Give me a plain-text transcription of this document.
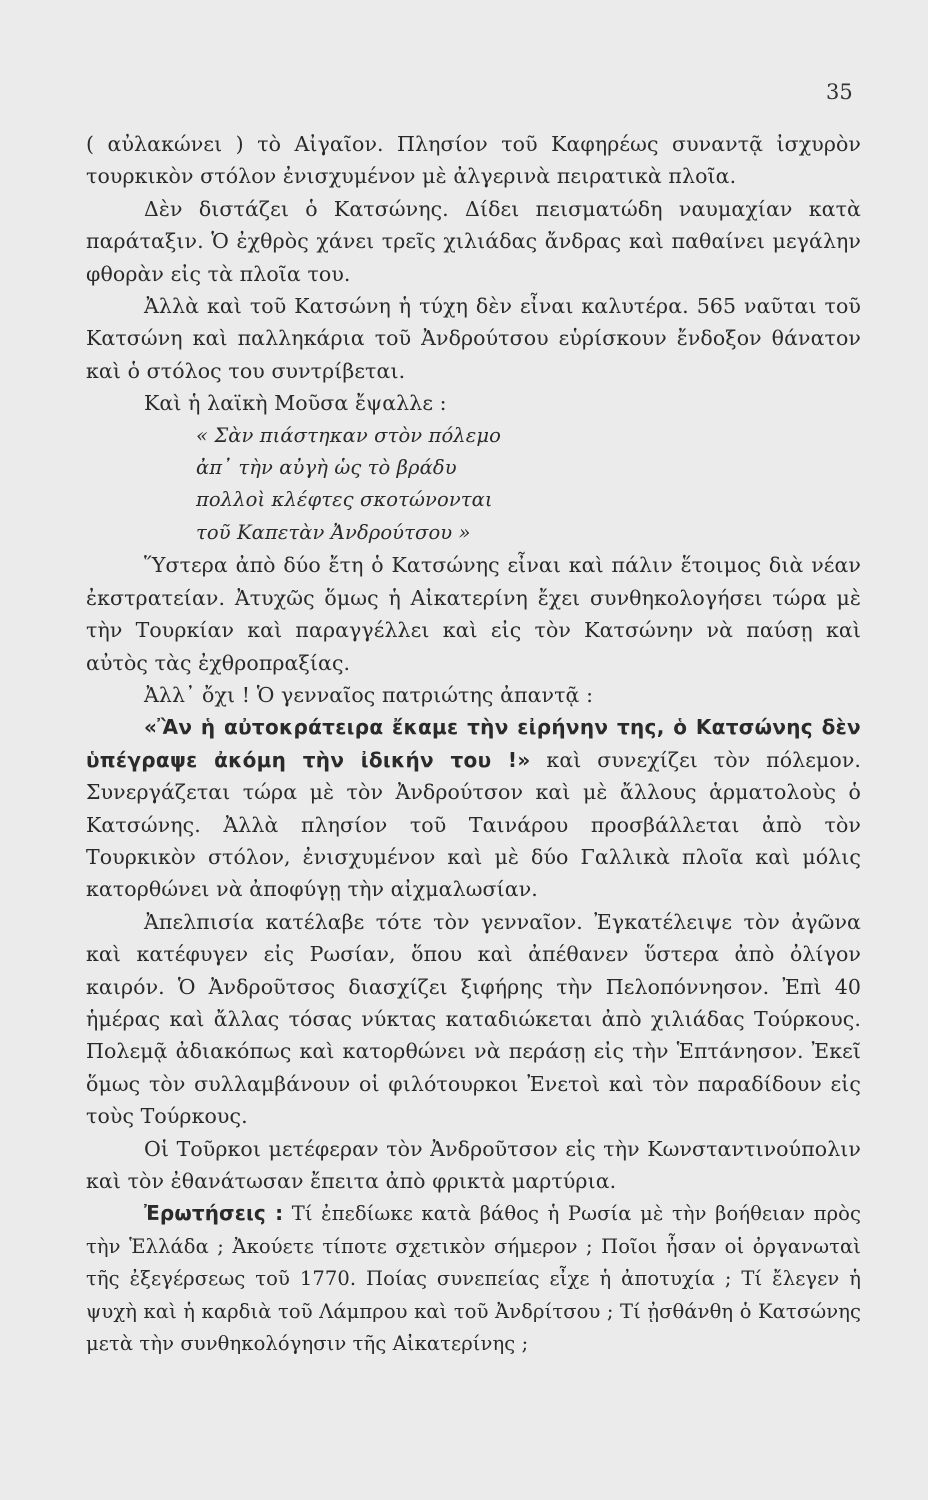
35

( αὐλακώνει ) τὸ Αἰγαῖον. Πλησίον τοῦ Καφηρέως συναντᾷ ἰσχυρὸν τουρκικὸν στόλον ἐνισχυμένον μὲ ἀλγερινὰ πειρατικὰ πλοῖα.

Δὲν διστάζει ὁ Κατσώνης. Δίδει πεισματώδη ναυμαχίαν κατὰ παράταξιν. Ὁ ἐχθρὸς χάνει τρεῖς χιλιάδας ἄνδρας καὶ παθαίνει μεγάλην φθορὰν εἰς τὰ πλοῖα του.

Ἀλλὰ καὶ τοῦ Κατσώνη ἡ τύχη δὲν εἶναι καλυτέρα. 565 ναῦται τοῦ Κατσώνη καὶ παλληκάρια τοῦ Ἀνδρούτσου εὑρίσκουν ἔνδοξον θάνατον καὶ ὁ στόλος του συντρίβεται.

Καὶ ἡ λαϊκὴ Μοῦσα ἔψαλλε :

« Σὰν πιάστηκαν στὸν πόλεμο
ἀπ᾿ τὴν αὐγὴ ὡς τὸ βράδυ
πολλοὶ κλέφτες σκοτώνονται
τοῦ Καπετὰν Ἀνδρούτσου »

Ὕστερα ἀπὸ δύο ἔτη ὁ Κατσώνης εἶναι καὶ πάλιν ἕτοιμος διὰ νέαν ἐκστρατείαν. Ἀτυχῶς ὅμως ἡ Αἰκατερίνη ἔχει συνθηκολογήσει τώρα μὲ τὴν Τουρκίαν καὶ παραγγέλλει καὶ εἰς τὸν Κατσώνην νὰ παύσῃ καὶ αὐτὸς τὰς ἐχθροπραξίας.

Ἀλλ᾿ ὄχι ! Ὁ γενναῖος πατριώτης ἀπαντᾷ :

«Ἂν ἡ αὐτοκράτειρα ἔκαμε τὴν εἰρήνην της, ὁ Κατσώνης δὲν ὑπέγραψε ἀκόμη τὴν ἰδικήν του !» καὶ συνεχίζει τὸν πόλεμον. Συνεργάζεται τώρα μὲ τὸν Ἀνδρούτσον καὶ μὲ ἄλλους ἁρματολοὺς ὁ Κατσώνης. Ἀλλὰ πλησίον τοῦ Ταινάρου προσβάλλεται ἀπὸ τὸν Τουρκικὸν στόλον, ἐνισχυμένον καὶ μὲ δύο Γαλλικὰ πλοῖα καὶ μόλις κατορθώνει νὰ ἀποφύγῃ τὴν αἰχμαλωσίαν.

Ἀπελπισία κατέλαβε τότε τὸν γενναῖον. Ἐγκατέλειψε τὸν ἀγῶνα καὶ κατέφυγεν εἰς Ρωσίαν, ὅπου καὶ ἀπέθανεν ὕστερα ἀπὸ ὀλίγον καιρόν. Ὁ Ἀνδροῦτσος διασχίζει ξιφήρης τὴν Πελοπόννησον. Ἐπὶ 40 ἡμέρας καὶ ἄλλας τόσας νύκτας καταδιώκεται ἀπὸ χιλιάδας Τούρκους. Πολεμᾷ ἀδιακόπως καὶ κατορθώνει νὰ περάσῃ εἰς τὴν Ἑπτάνησον. Ἐκεῖ ὅμως τὸν συλλαμβάνουν οἱ φιλότουρκοι Ἐνετοὶ καὶ τὸν παραδίδουν εἰς τοὺς Τούρκους.

Οἱ Τοῦρκοι μετέφεραν τὸν Ἀνδροῦτσον εἰς τὴν Κωνσταντινούπολιν καὶ τὸν ἐθανάτωσαν ἔπειτα ἀπὸ φρικτὰ μαρτύρια.

Ἐρωτήσεις : Τί ἐπεδίωκε κατὰ βάθος ἡ Ρωσία μὲ τὴν βοήθειαν πρὸς τὴν Ἑλλάδα ; Ἀκούετε τίποτε σχετικὸν σήμερον ; Ποῖοι ἦσαν οἱ ὀργανωταὶ τῆς ἐξεγέρσεως τοῦ 1770. Ποίας συνεπείας εἶχε ἡ ἀποτυχία ; Τί ἔλεγεν ἡ ψυχὴ καὶ ἡ καρδιὰ τοῦ Λάμπρου καὶ τοῦ Ἀνδρίτσου ; Τί ᾐσθάνθη ὁ Κατσώνης μετὰ τὴν συνθηκολόγησιν τῆς Αἰκατερίνης ;
